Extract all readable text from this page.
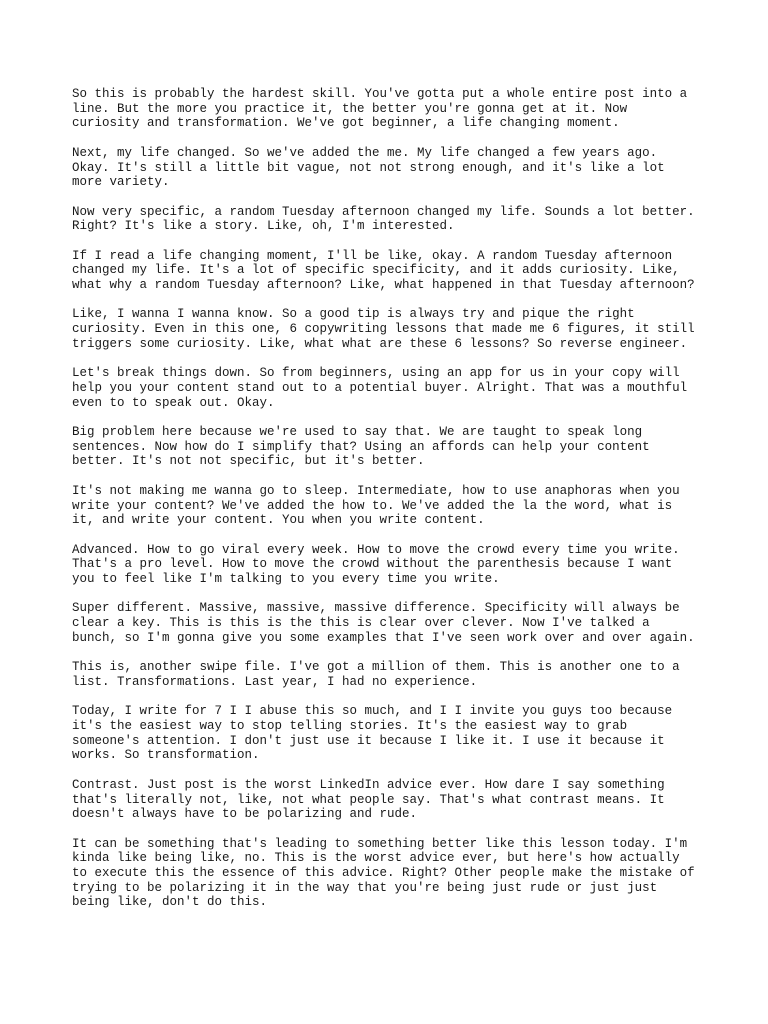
So this is probably the hardest skill. You've gotta put a whole entire post into a
line. But the more you practice it, the better you're gonna get at it. Now
curiosity and transformation. We've got beginner, a life changing moment.

Next, my life changed. So we've added the me. My life changed a few years ago.
Okay. It's still a little bit vague, not not strong enough, and it's like a lot
more variety.

Now very specific, a random Tuesday afternoon changed my life. Sounds a lot better.
Right? It's like a story. Like, oh, I'm interested.

If I read a life changing moment, I'll be like, okay. A random Tuesday afternoon
changed my life. It's a lot of specific specificity, and it adds curiosity. Like,
what why a random Tuesday afternoon? Like, what happened in that Tuesday afternoon?

Like, I wanna I wanna know. So a good tip is always try and pique the right
curiosity. Even in this one, 6 copywriting lessons that made me 6 figures, it still
triggers some curiosity. Like, what what are these 6 lessons? So reverse engineer.

Let's break things down. So from beginners, using an app for us in your copy will
help you your content stand out to a potential buyer. Alright. That was a mouthful
even to to speak out. Okay.

Big problem here because we're used to say that. We are taught to speak long
sentences. Now how do I simplify that? Using an affords can help your content
better. It's not not specific, but it's better.

It's not making me wanna go to sleep. Intermediate, how to use anaphoras when you
write your content? We've added the how to. We've added the la the word, what is
it, and write your content. You when you write content.

Advanced. How to go viral every week. How to move the crowd every time you write.
That's a pro level. How to move the crowd without the parenthesis because I want
you to feel like I'm talking to you every time you write.

Super different. Massive, massive, massive difference. Specificity will always be
clear a key. This is this is the this is clear over clever. Now I've talked a
bunch, so I'm gonna give you some examples that I've seen work over and over again.

This is, another swipe file. I've got a million of them. This is another one to a
list. Transformations. Last year, I had no experience.

Today, I write for 7 I I abuse this so much, and I I invite you guys too because
it's the easiest way to stop telling stories. It's the easiest way to grab
someone's attention. I don't just use it because I like it. I use it because it
works. So transformation.

Contrast. Just post is the worst LinkedIn advice ever. How dare I say something
that's literally not, like, not what people say. That's what contrast means. It
doesn't always have to be polarizing and rude.

It can be something that's leading to something better like this lesson today. I'm
kinda like being like, no. This is the worst advice ever, but here's how actually
to execute this the essence of this advice. Right? Other people make the mistake of
trying to be polarizing it in the way that you're being just rude or just just
being like, don't do this.
